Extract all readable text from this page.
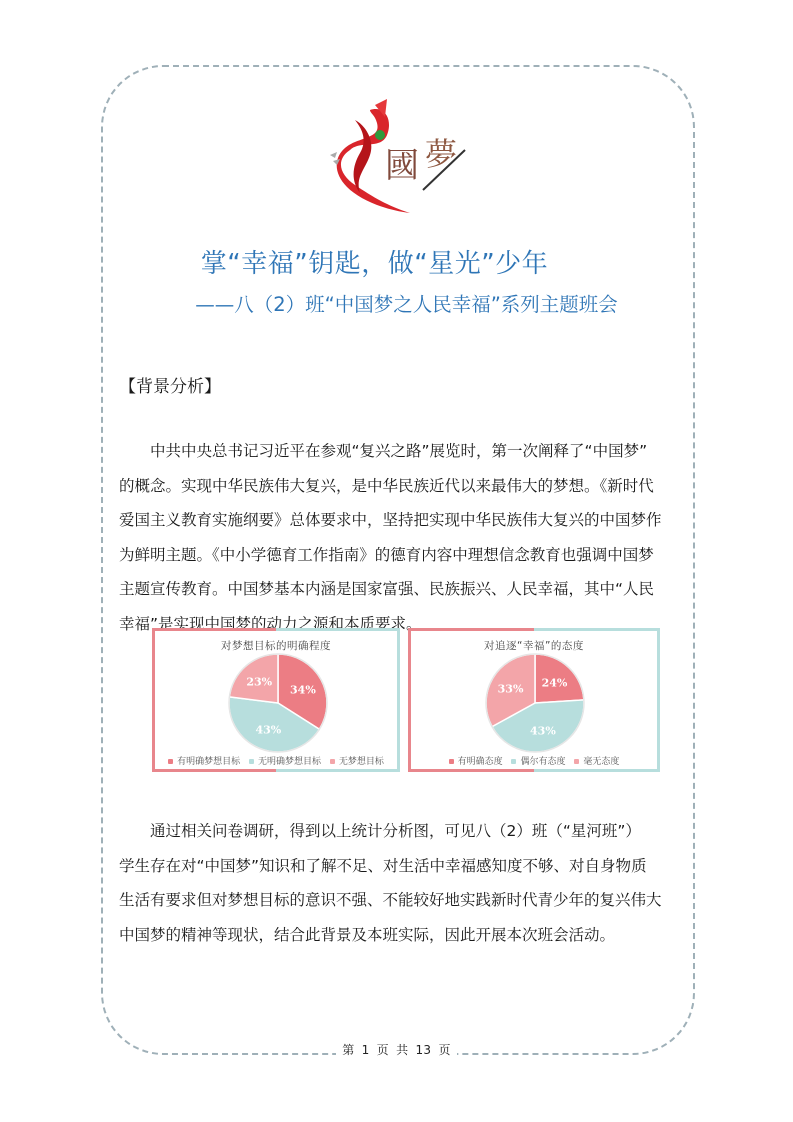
國 夢
掌“幸福”钥匙，做“星光”少年
——八（2）班“中国梦之人民幸福”系列主题班会
【背景分析】
中共中央总书记习近平在参观“复兴之路”展览时，第一次阐释了“中国梦”
的概念。实现中华民族伟大复兴，是中华民族近代以来最伟大的梦想。《新时代
爱国主义教育实施纲要》总体要求中，坚持把实现中华民族伟大复兴的中国梦作
为鲜明主题。《中小学德育工作指南》的德育内容中理想信念教育也强调中国梦
主题宣传教育。中国梦基本内涵是国家富强、民族振兴、人民幸福，其中“人民
幸福”是实现中国梦的动力之源和本质要求。
对梦想目标的明确程度
34%
43%
23%
有明确梦想目标 无明确梦想目标 无梦想目标
对追逐“幸福”的态度
24%
43%
33%
有明确态度 偶尔有态度 毫无态度
通过相关问卷调研，得到以上统计分析图，可见八（2）班（“星河班”）
学生存在对“中国梦”知识和了解不足、对生活中幸福感知度不够、对自身物质
生活有要求但对梦想目标的意识不强、不能较好地实践新时代青少年的复兴伟大
中国梦的精神等现状，结合此背景及本班实际，因此开展本次班会活动。
第 1 页 共 13 页
